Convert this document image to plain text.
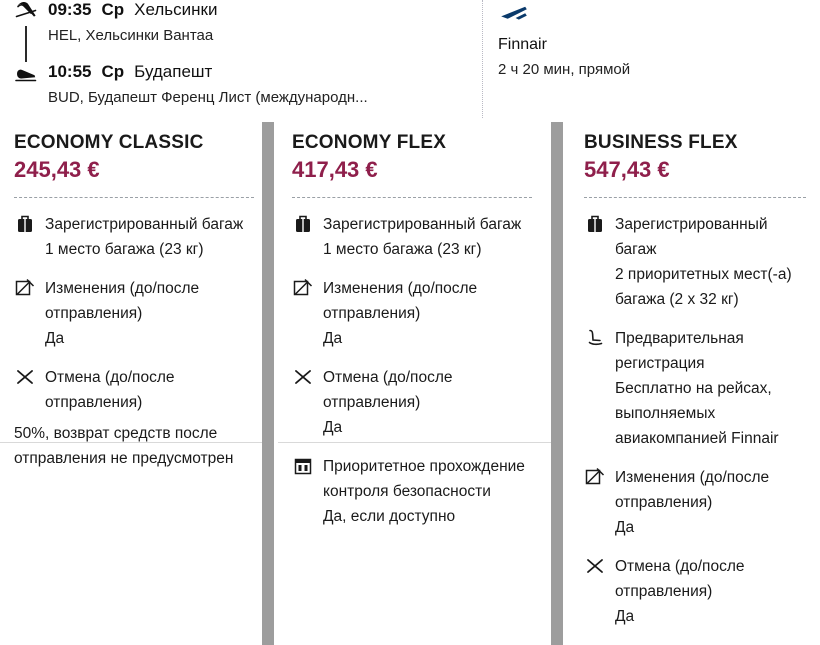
09:35 Ср Хельсинки
HEL, Хельсинки Вантаа
10:55 Ср Будапешт
BUD, Будапешт Ференц Лист (международн...
Finnair
2 ч 20 мин, прямой
ECONOMY CLASSIC
245,43 €
Зарегистрированный багаж
1 место багажа (23 кг)
Изменения (до/после отправления)
Да
Отмена (до/после отправления)
50%, возврат средств после отправления не предусмотрен
ECONOMY FLEX
417,43 €
Зарегистрированный багаж
1 место багажа (23 кг)
Изменения (до/после отправления)
Да
Отмена (до/после отправления)
Да
Приоритетное прохождение контроля безопасности
Да, если доступно
BUSINESS FLEX
547,43 €
Зарегистрированный багаж
2 приоритетных мест(-а) багажа (2 x 32 кг)
Предварительная регистрация
Бесплатно на рейсах, выполняемых авиакомпанией Finnair
Изменения (до/после отправления)
Да
Отмена (до/после отправления)
Да
